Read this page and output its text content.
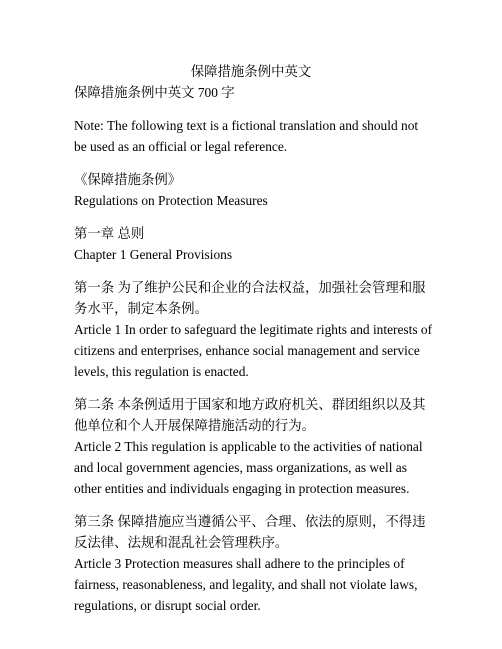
保障措施条例中英文

保障措施条例中英文 700 字

Note: The following text is a fictional translation and should not be used as an official or legal reference.

《保障措施条例》

Regulations on Protection Measures

第一章 总则

Chapter 1 General Provisions

第一条 为了维护公民和企业的合法权益，加强社会管理和服务水平，制定本条例。

Article 1 In order to safeguard the legitimate rights and interests of citizens and enterprises, enhance social management and service levels, this regulation is enacted.

第二条 本条例适用于国家和地方政府机关、群团组织以及其他单位和个人开展保障措施活动的行为。

Article 2 This regulation is applicable to the activities of national and local government agencies, mass organizations, as well as other entities and individuals engaging in protection measures.

第三条 保障措施应当遵循公平、合理、依法的原则，不得违反法律、法规和混乱社会管理秩序。

Article 3 Protection measures shall adhere to the principles of fairness, reasonableness, and legality, and shall not violate laws, regulations, or disrupt social order.
